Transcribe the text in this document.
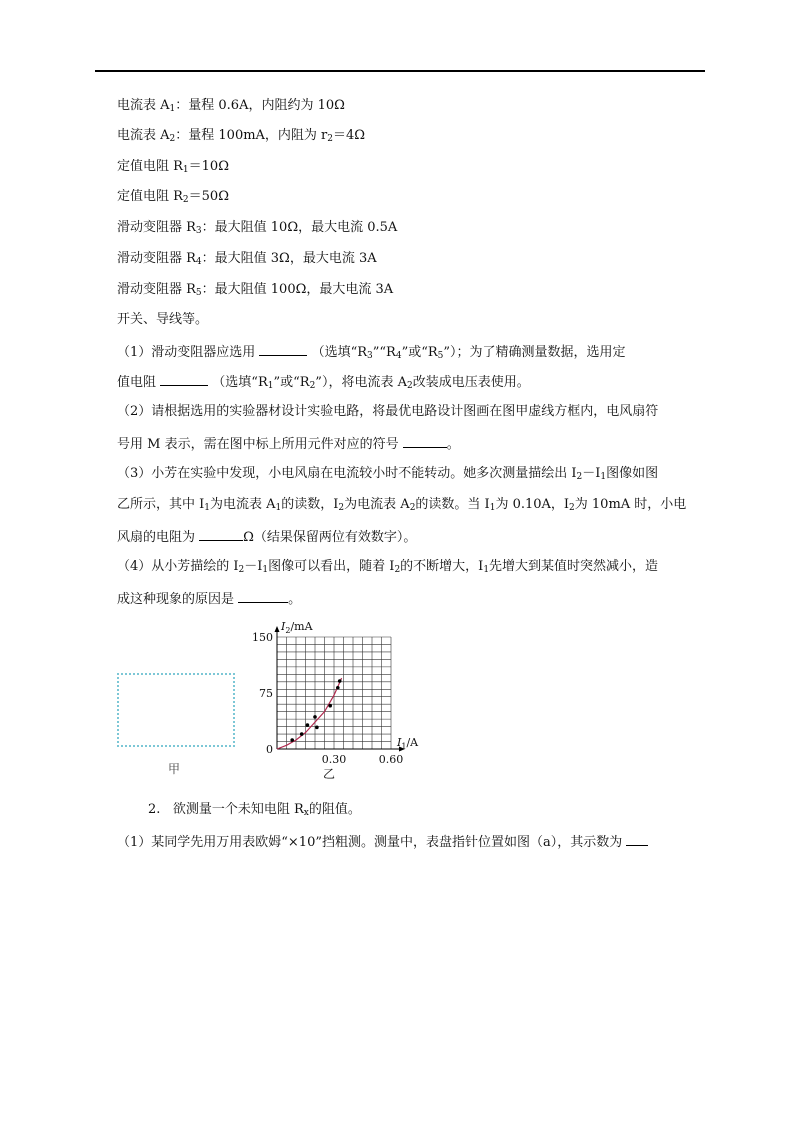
电流表 $A_1$：量程 0.6A，内阻约为 10Ω
电流表 $A_2$：量程 100mA，内阻为 $r_2=4\Omega$
定值电阻 $R_1=10\Omega$
定值电阻 $R_2=50\Omega$
滑动变阻器 $R_3$：最大阻值 10Ω，最大电流 0.5A
滑动变阻器 $R_4$：最大阻值 3Ω，最大电流 3A
滑动变阻器 $R_5$：最大阻值 100Ω，最大电流 3A
开关、导线等。
（1）滑动变阻器应选用	（选填“$R_3”“R_4$”或“$R_5$”）；为了精确测量数据，选用定
值电阻	（选填“$R_1$”或“$R_2$”），将电流表 $A_2$改装成电压表使用。
（2）请根据选用的实验器材设计实验电路，将最优电路设计图画在图甲虚线方框内，电风扇符
号用 M 表示，需在图中标上所用元件对应的符号	。
（3）小芳在实验中发现，小电风扇在电流较小时不能转动。她多次测量描绘出 $I_2-I_1$图像如图
乙所示，其中 $I_1$为电流表 $A_1$的读数，$I_2$为电流表 $A_2$的读数。当 $I_1$为 0.10A，$I_2$为 10mA 时，小电
风扇的电阻为	Ω（结果保留两位有效数字）。
（4）从小芳描绘的 $I_2-I_1$图像可以看出，随着 $I_2$的不断增大，$I_1$先增大到某值时突然减小，造
成这种现象的原因是	。
甲
150
75
0
0.30	0.60
$I_2/mA$
$I_1/A$
乙
2. 欲测量一个未知电阻 $R_x$的阻值。
（1）某同学先用万用表欧姆“×10”挡粗测。测量中，表盘指针位置如图（a），其示数为
